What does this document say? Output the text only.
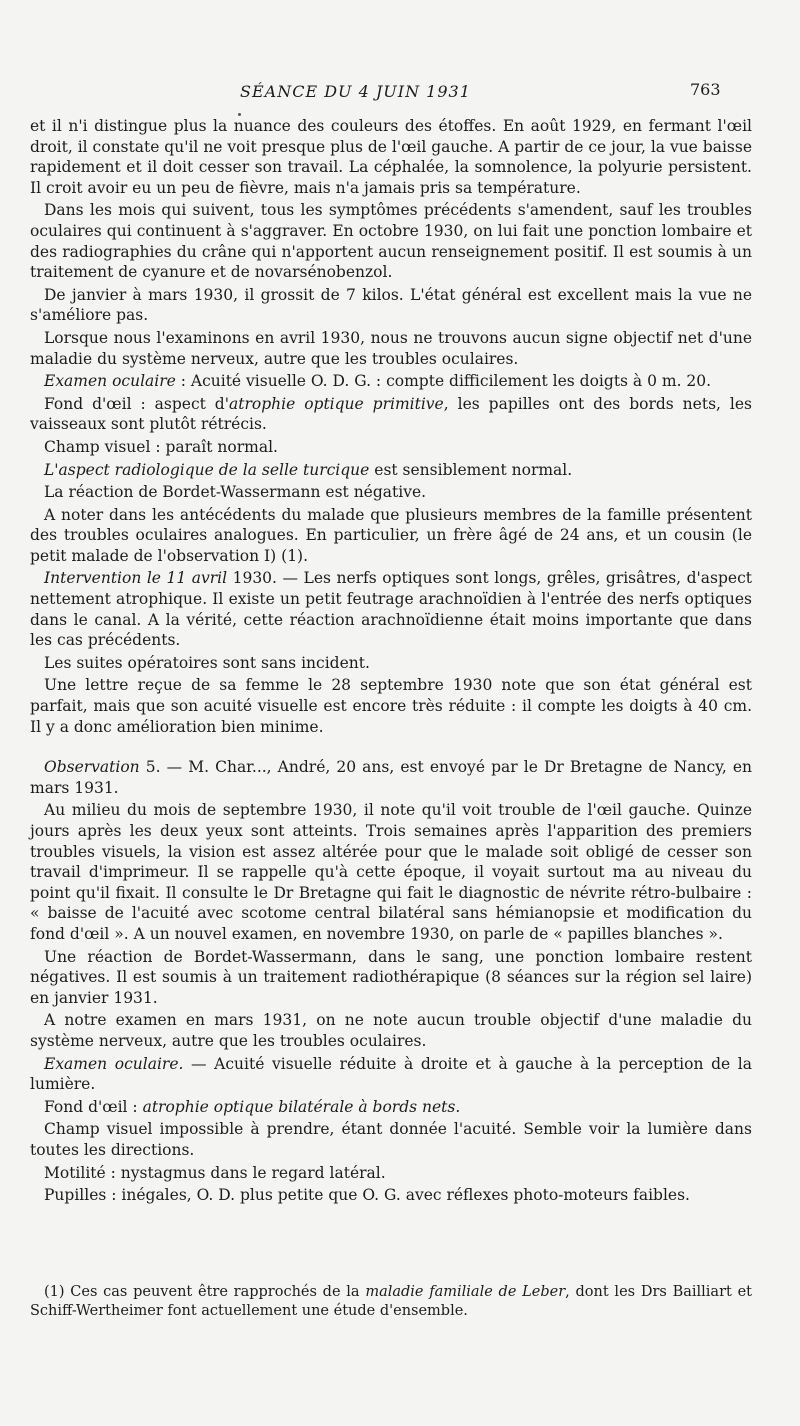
SÉANCE DU 4 JUIN 1931	763

et il n'i distingue plus la nuance des couleurs des étoffes. En août 1929, en fermant l'œil droit, il constate qu'il ne voit presque plus de l'œil gauche. A partir de ce jour, la vue baisse rapidement et il doit cesser son travail. La céphalée, la somnolence, la polyurie persistent. Il croit avoir eu un peu de fièvre, mais n'a jamais pris sa température.

Dans les mois qui suivent, tous les symptômes précédents s'amendent, sauf les troubles oculaires qui continuent à s'aggraver. En octobre 1930, on lui fait une ponction lombaire et des radiographies du crâne qui n'apportent aucun renseignement positif. Il est soumis à un traitement de cyanure et de novarsénobenzol.

De janvier à mars 1930, il grossit de 7 kilos. L'état général est excellent mais la vue ne s'améliore pas.

Lorsque nous l'examinons en avril 1930, nous ne trouvons aucun signe objectif net d'une maladie du système nerveux, autre que les troubles oculaires.

Examen oculaire : Acuité visuelle O. D. G. : compte difficilement les doigts à 0 m. 20.

Fond d'œil : aspect d'atrophie optique primitive, les papilles ont des bords nets, les vaisseaux sont plutôt rétrécis.

Champ visuel : paraît normal.

L'aspect radiologique de la selle turcique est sensiblement normal.

La réaction de Bordet-Wassermann est négative.

A noter dans les antécédents du malade que plusieurs membres de la famille présentent des troubles oculaires analogues. En particulier, un frère âgé de 24 ans, et un cousin (le petit malade de l'observation I) (1).

Intervention le 11 avril 1930. — Les nerfs optiques sont longs, grêles, grisâtres, d'aspect nettement atrophique. Il existe un petit feutrage arachnoïdien à l'entrée des nerfs optiques dans le canal. A la vérité, cette réaction arachnoïdienne était moins importante que dans les cas précédents.

Les suites opératoires sont sans incident.

Une lettre reçue de sa femme le 28 septembre 1930 note que son état général est parfait, mais que son acuité visuelle est encore très réduite : il compte les doigts à 40 cm. Il y a donc amélioration bien minime.

Observation 5. — M. Char..., André, 20 ans, est envoyé par le Dr Bretagne de Nancy, en mars 1931.

Au milieu du mois de septembre 1930, il note qu'il voit trouble de l'œil gauche. Quinze jours après les deux yeux sont atteints. Trois semaines après l'apparition des premiers troubles visuels, la vision est assez altérée pour que le malade soit obligé de cesser son travail d'imprimeur. Il se rappelle qu'à cette époque, il voyait surtout ma au niveau du point qu'il fixait. Il consulte le Dr Bretagne qui fait le diagnostic de névrite rétro-bulbaire : « baisse de l'acuité avec scotome central bilatéral sans hémianopsie et modification du fond d'œil ». A un nouvel examen, en novembre 1930, on parle de « papilles blanches ».

Une réaction de Bordet-Wassermann, dans le sang, une ponction lombaire restent négatives. Il est soumis à un traitement radiothérapique (8 séances sur la région sel laire) en janvier 1931.

A notre examen en mars 1931, on ne note aucun trouble objectif d'une maladie du système nerveux, autre que les troubles oculaires.

Examen oculaire. — Acuité visuelle réduite à droite et à gauche à la perception de la lumière.

Fond d'œil : atrophie optique bilatérale à bords nets.

Champ visuel impossible à prendre, étant donnée l'acuité. Semble voir la lumière dans toutes les directions.

Motilité : nystagmus dans le regard latéral.

Pupilles : inégales, O. D. plus petite que O. G. avec réflexes photo-moteurs faibles.

(1) Ces cas peuvent être rapprochés de la maladie familiale de Leber, dont les Drs Bailliart et Schiff-Wertheimer font actuellement une étude d'ensemble.
